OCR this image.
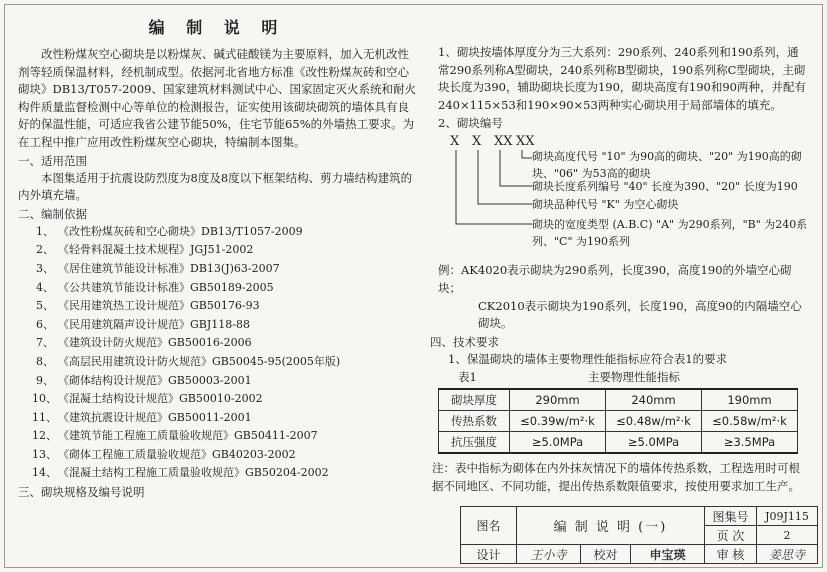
编 制 说 明

改性粉煤灰空心砌块是以粉煤灰、碱式硅酸镁为主要原料，加入无机改性剂等轻质保温材料，经机制成型。依据河北省地方标准《改性粉煤灰砖和空心砌块》DB13/T057-2009、国家建筑材料测试中心、国家固定灭火系统和耐火构件质量监督检测中心等单位的检测报告，证实使用该砌块砌筑的墙体具有良好的保温性能，可适应我省公建节能50%，住宅节能65%的外墙热工要求。为在工程中推广应用改性粉煤灰空心砌块，特编制本图集。

一、适用范围

本图集适用于抗震设防烈度为8度及8度以下框架结构、剪力墙结构建筑的内外填充墙。

二、编制依据

1、 《改性粉煤灰砖和空心砌块》DB13/T1057-2009
2、 《轻骨料混凝土技术规程》JGJ51-2002
3、 《居住建筑节能设计标准》DB13(J)63-2007
4、 《公共建筑节能设计标准》GB50189-2005
5、 《民用建筑热工设计规范》GB50176-93
6、 《民用建筑隔声设计规范》GBJ118-88
7、 《建筑设计防火规范》GB50016-2006
8、 《高层民用建筑设计防火规范》GB50045-95(2005年版)
9、 《砌体结构设计规范》GB50003-2001
10、《混凝土结构设计规范》GB50010-2002
11、《建筑抗震设计规范》GB50011-2001
12、《建筑节能工程施工质量验收规范》GB50411-2007
13、《砌体工程施工质量验收规范》GB40203-2002
14、《混凝土结构工程施工质量验收规范》GB50204-2002

三、砌块规格及编号说明

1、砌块按墙体厚度分为三大系列：290系列、240系列和190系列，通常290系列称A型砌块，240系列称B型砌块，190系列称C型砌块，主砌块长度为390，辅助砌块长度为190，砌块高度有190和90两种，并配有240×115×53和190×90×53两种实心砌块用于局部墙体的填充。

2、砌块编号

X X XX XX
砌块高度代号 "10" 为90高的砌块、"20" 为190高的砌块、"06" 为53高的砌块
砌块长度系列编号 "40" 长度为390、"20" 长度为190
砌块品种代号 "K" 为空心砌块
砌块的宽度类型 (A.B.C) "A" 为290系列，"B" 为240系列、"C" 为190系列

例：AK4020表示砌块为290系列，长度390，高度190的外墙空心砌块；

CK2010表示砌块为190系列，长度190，高度90的内隔墙空心砌块。

四、技术要求

1、保温砌块的墙体主要物理性能指标应符合表1的要求

表1	主要物理性能指标
砌块厚度	290mm	240mm	190mm
传热系数	≤0.39w/m²·k	≤0.48w/m²·k	≤0.58w/m²·k
抗压强度	≥5.0MPa	≥5.0MPa	≥3.5MPa

注：表中指标为砌体在内外抹灰情况下的墙体传热系数，工程选用时可根据不同地区、不同功能，提出传热系数限值要求，按使用要求加工生产。

图名	编 制 说 明 (一)
图集号	J09J115
页 次	2
设计	王小寺	校对	申宝瑛	审 核	姜思寺
